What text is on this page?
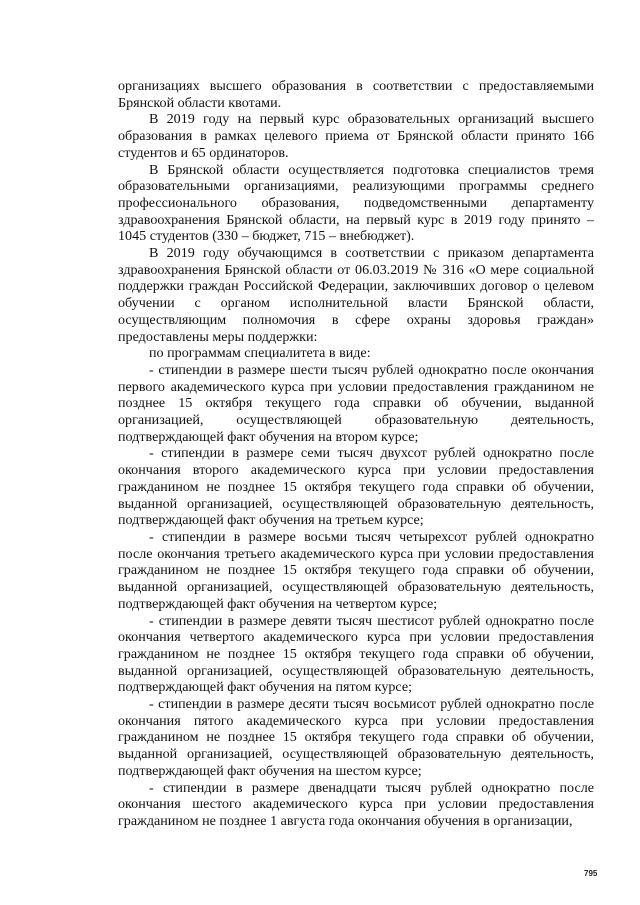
организациях высшего образования в соответствии с предоставляемыми Брянской области квотами.

В 2019 году на первый курс образовательных организаций высшего образования в рамках целевого приема от Брянской области принято 166 студентов и 65 ординаторов.

В Брянской области осуществляется подготовка специалистов тремя образовательными организациями, реализующими программы среднего профессионального образования, подведомственными департаменту здравоохранения Брянской области, на первый курс в 2019 году принято – 1045 студентов (330 – бюджет, 715 – внебюджет).

В 2019 году обучающимся в соответствии с приказом департамента здравоохранения Брянской области от 06.03.2019 № 316 «О мере социальной поддержки граждан Российской Федерации, заключивших договор о целевом обучении с органом исполнительной власти Брянской области, осуществляющим полномочия в сфере охраны здоровья граждан» предоставлены меры поддержки:

по программам специалитета в виде:

- стипендии в размере шести тысяч рублей однократно после окончания первого академического курса при условии предоставления гражданином не позднее 15 октября текущего года справки об обучении, выданной организацией, осуществляющей образовательную деятельность, подтверждающей факт обучения на втором курсе;

- стипендии в размере семи тысяч двухсот рублей однократно после окончания второго академического курса при условии предоставления гражданином не позднее 15 октября текущего года справки об обучении, выданной организацией, осуществляющей образовательную деятельность, подтверждающей факт обучения на третьем курсе;

- стипендии в размере восьми тысяч четырехсот рублей однократно после окончания третьего академического курса при условии предоставления гражданином не позднее 15 октября текущего года справки об обучении, выданной организацией, осуществляющей образовательную деятельность, подтверждающей факт обучения на четвертом курсе;

- стипендии в размере девяти тысяч шестисот рублей однократно после окончания четвертого академического курса при условии предоставления гражданином не позднее 15 октября текущего года справки об обучении, выданной организацией, осуществляющей образовательную деятельность, подтверждающей факт обучения на пятом курсе;

- стипендии в размере десяти тысяч восьмисот рублей однократно после окончания пятого академического курса при условии предоставления гражданином не позднее 15 октября текущего года справки об обучении, выданной организацией, осуществляющей образовательную деятельность, подтверждающей факт обучения на шестом курсе;

- стипендии в размере двенадцати тысяч рублей однократно после окончания шестого академического курса при условии предоставления гражданином не позднее 1 августа года окончания обучения в организации,

795
